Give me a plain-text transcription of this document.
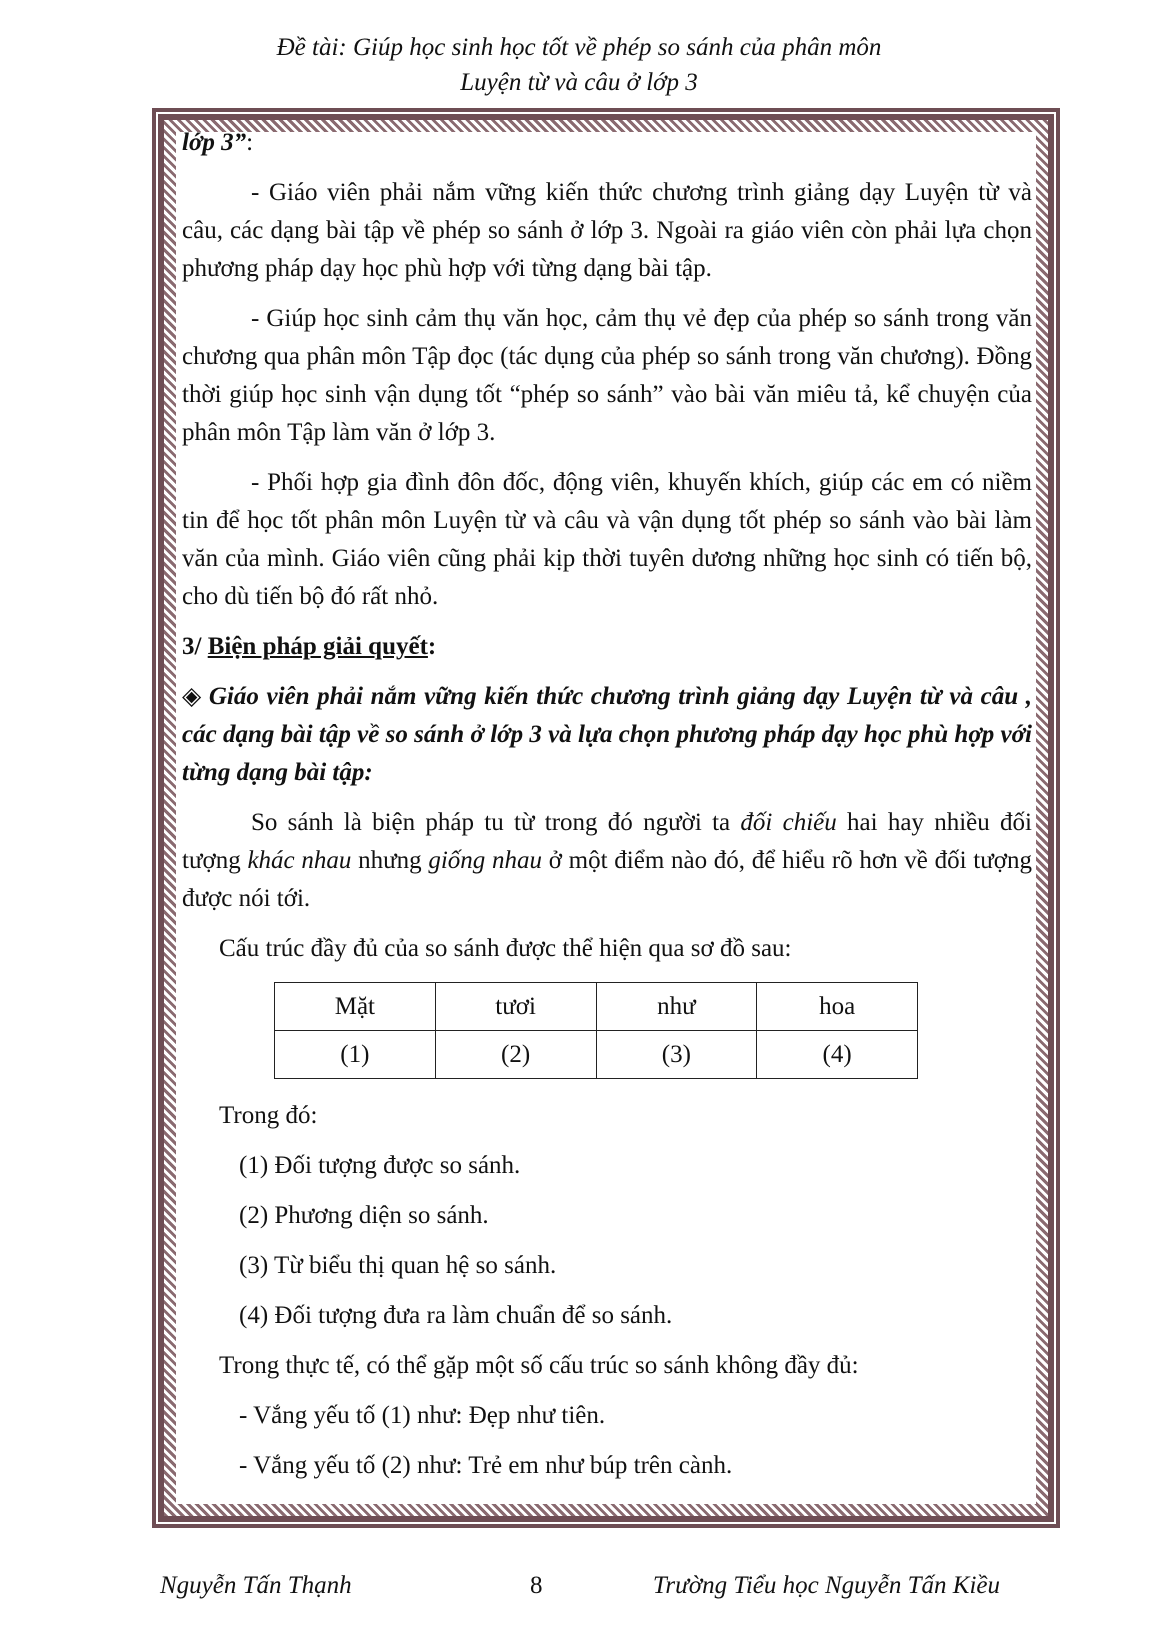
Đề tài: Giúp học sinh học tốt về phép so sánh của phân môn
Luyện từ và câu ở lớp 3

lớp 3”:

- Giáo viên phải nắm vững kiến thức chương trình giảng dạy Luyện từ và câu, các dạng bài tập về phép so sánh ở lớp 3. Ngoài ra giáo viên còn phải lựa chọn phương pháp dạy học phù hợp với từng dạng bài tập.

- Giúp học sinh cảm thụ văn học, cảm thụ vẻ đẹp của phép so sánh trong văn chương qua phân môn Tập đọc (tác dụng của phép so sánh trong văn chương). Đồng thời giúp học sinh vận dụng tốt “phép so sánh” vào bài văn miêu tả, kể chuyện của phân môn Tập làm văn ở lớp 3.

- Phối hợp gia đình đôn đốc, động viên, khuyến khích, giúp các em có niềm tin để học tốt phân môn Luyện từ và câu và vận dụng tốt phép so sánh vào bài làm văn của mình. Giáo viên cũng phải kịp thời tuyên dương những học sinh có tiến bộ, cho dù tiến bộ đó rất nhỏ.

3/ Biện pháp giải quyết:

◈ Giáo viên phải nắm vững kiến thức chương trình giảng dạy Luyện từ và câu , các dạng bài tập về so sánh ở lớp 3 và lựa chọn phương pháp dạy học phù hợp với từng dạng bài tập:

So sánh là biện pháp tu từ trong đó người ta đối chiếu hai hay nhiều đối tượng khác nhau nhưng giống nhau ở một điểm nào đó, để hiểu rõ hơn về đối tượng được nói tới.

Cấu trúc đầy đủ của so sánh được thể hiện qua sơ đồ sau:

Mặt	tươi	như	hoa
(1)	(2)	(3)	(4)

Trong đó:

(1) Đối tượng được so sánh.

(2) Phương diện so sánh.

(3) Từ biểu thị quan hệ so sánh.

(4) Đối tượng đưa ra làm chuẩn để so sánh.

Trong thực tế, có thể gặp một số cấu trúc so sánh không đầy đủ:

- Vắng yếu tố (1) như: Đẹp như tiên.

- Vắng yếu tố (2) như: Trẻ em như búp trên cành.

Nguyễn Tấn Thạnh	8	Trường Tiểu học Nguyễn Tấn Kiều
